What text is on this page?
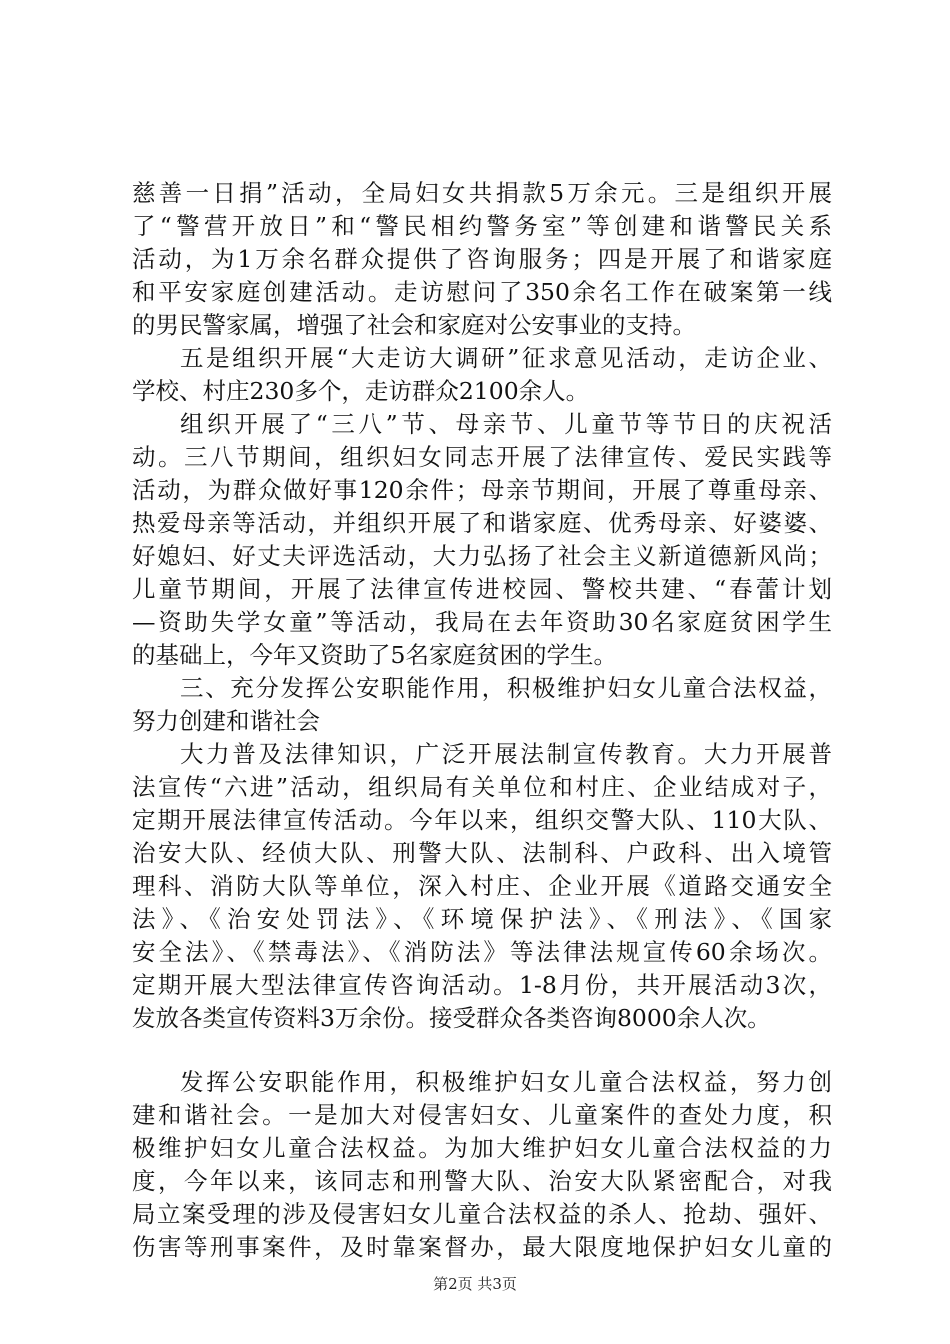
慈善一日捐”活动，全局妇女共捐款5万余元。三是组织开展
了“警营开放日”和“警民相约警务室”等创建和谐警民关系
活动，为1万余名群众提供了咨询服务；四是开展了和谐家庭
和平安家庭创建活动。走访慰问了350余名工作在破案第一线
的男民警家属，增强了社会和家庭对公安事业的支持。
五是组织开展“大走访大调研”征求意见活动，走访企业、
学校、村庄230多个，走访群众2100余人。
组织开展了“三八”节、母亲节、儿童节等节日的庆祝活
动。三八节期间，组织妇女同志开展了法律宣传、爱民实践等
活动，为群众做好事120余件；母亲节期间，开展了尊重母亲、
热爱母亲等活动，并组织开展了和谐家庭、优秀母亲、好婆婆、
好媳妇、好丈夫评选活动，大力弘扬了社会主义新道德新风尚；
儿童节期间，开展了法律宣传进校园、警校共建、“春蕾计划
—资助失学女童”等活动，我局在去年资助30名家庭贫困学生
的基础上，今年又资助了5名家庭贫困的学生。
三、充分发挥公安职能作用，积极维护妇女儿童合法权益，
努力创建和谐社会
大力普及法律知识，广泛开展法制宣传教育。大力开展普
法宣传“六进”活动，组织局有关单位和村庄、企业结成对子，
定期开展法律宣传活动。今年以来，组织交警大队、110大队、
治安大队、经侦大队、刑警大队、法制科、户政科、出入境管
理科、消防大队等单位，深入村庄、企业开展《道路交通安全
法》、《治安处罚法》、《环境保护法》、《刑法》、《国家
安全法》、《禁毒法》、《消防法》等法律法规宣传60余场次。
定期开展大型法律宣传咨询活动。1-8月份，共开展活动3次，
发放各类宣传资料3万余份。接受群众各类咨询8000余人次。
发挥公安职能作用，积极维护妇女儿童合法权益，努力创
建和谐社会。一是加大对侵害妇女、儿童案件的查处力度，积
极维护妇女儿童合法权益。为加大维护妇女儿童合法权益的力
度，今年以来，该同志和刑警大队、治安大队紧密配合，对我
局立案受理的涉及侵害妇女儿童合法权益的杀人、抢劫、强奸、
伤害等刑事案件，及时靠案督办，最大限度地保护妇女儿童的
第2页 共3页
